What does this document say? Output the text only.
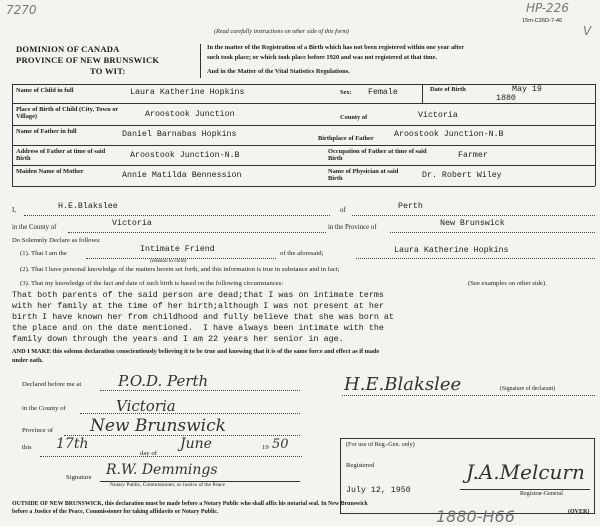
7270	HP-226
15m-C26D-7-46
V
(Read carefully instructions on other side of this form)
DOMINION OF CANADA
PROVINCE OF NEW BRUNSWICK
TO WIT:
In the matter of the Registration of a Birth which has not been registered within one year after
such took place; or which took place before 1920 and was not registered at that time.
And in the Matter of the Vital Statistics Regulations.
Name of Child in full	Laura Katherine Hopkins	Sex: Female	Date of Birth	May 19
1880
Place of Birth of Child (City, Town or Village)	Aroostook Junction	County of	Victoria
Name of Father in full	Daniel Barnabas Hopkins	Birthplace of Father Aroostook Junction-N.B
Address of Father at time of said Birth	Aroostook Junction-N.B	Occupation of Father at time of said Birth	Farmer
Maiden Name of Mother	Annie Matilda Bennession	Name of Physician at said Birth	Dr. Robert Wiley
I,	H.E.Blakslee	of	Perth
in the County of	Victoria	in the Province of	New Brunswick
Do Solemnly Declare as follows:
(1). That I am the	Intimate Friend
(relation to child)
of the aforesaid;	Laura Katherine Hopkins
(2). That I have personal knowledge of the matters herein set forth, and this information is true in substance and in fact;
(3). That my knowledge of the fact and date of such birth is based on the following circumstances:	(See examples on other side).
That both parents of the said person are dead;that I was on intimate terms
with her family at the time of her birth;although I was not present at her
birth I have known her from childhood and fully believe that she was born at
the place and on the date mentioned.  I have always been intimate with the
family down through the years and I am 22 years her senior in age.
AND I MAKE this solemn declaration conscientiously believing it to be true and knowing that it is of the same force and effect as if made
under oath.
Declared before me at P.O.D. Perth
in the County of	Victoria
Province of New Brunswick
this 17th
day of
June	19 50
Signature R.W. Demmings
Notary Public, Commissioner, or Justice of the Peace
H.E.Blakslee	(Signature of declarant)
(For use of Reg.-Gen. only)
Registered
July 12, 1950
J.A.Melcurn
Registrar-General
OUTSIDE OF NEW BRUNSWICK, this declaration must be made before a Notary Public who shall affix his notarial seal. In New Brunswick
before a Justice of the Peace, Commissioner for taking affidavits or Notary Public.	(OVER)
1880-H66
